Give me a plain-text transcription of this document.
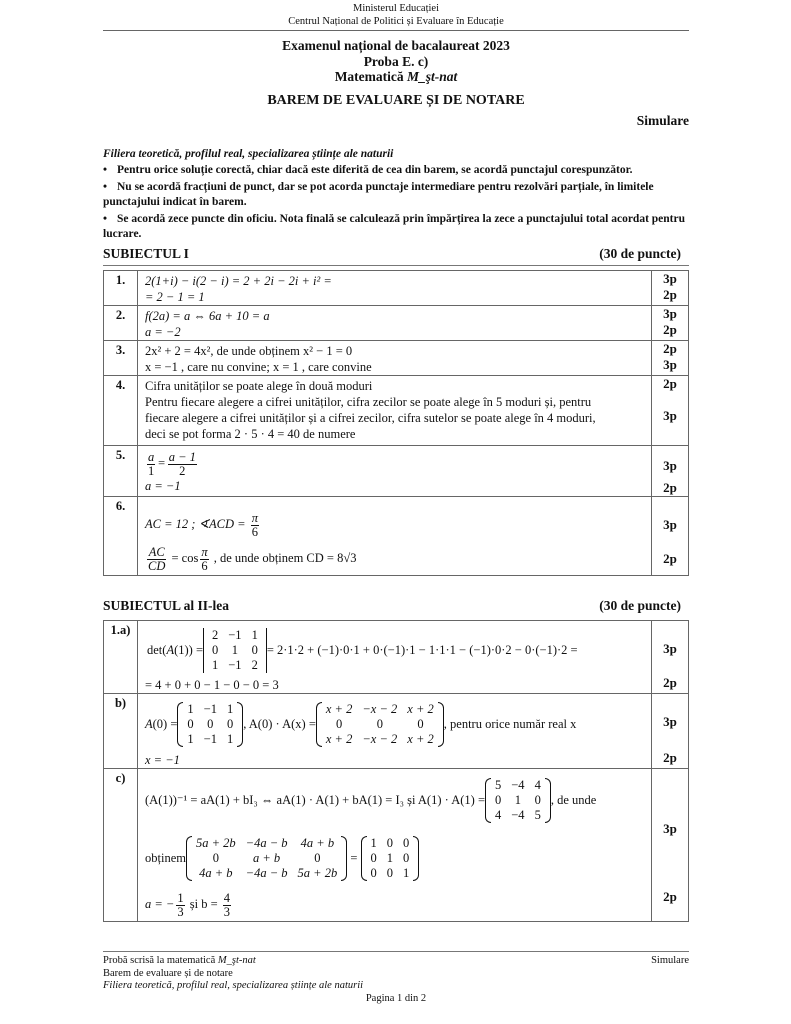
Ministerul Educației
Centrul Național de Politici și Evaluare în Educație
Examenul național de bacalaureat 2023
Proba E. c)
Matematică M_şt-nat
BAREM DE EVALUARE ȘI DE NOTARE
Simulare
Filiera teoretică, profilul real, specializarea științe ale naturii
• Pentru orice soluție corectă, chiar dacă este diferită de cea din barem, se acordă punctajul corespunzător.
• Nu se acordă fracțiuni de punct, dar se pot acorda punctaje intermediare pentru rezolvări parțiale, în limitele punctajului indicat în barem.
• Se acordă zece puncte din oficiu. Nota finală se calculează prin împărțirea la zece a punctajului total acordat pentru lucrare.
SUBIECTUL I	(30 de puncte)
1.	2(1+i) − i(2 − i) = 2 + 2i − 2i + i² =
= 2 − 1 = 1

3p
2p

2.	f(2a) = a ⇔ 6a + 10 = a
a = −2

3p
2p

3.	2x² + 2 = 4x², de unde obținem x² − 1 = 0
x = −1 , care nu convine; x = 1 , care convine

2p
3p

4.	Cifra unităților se poate alege în două moduri
Pentru fiecare alegere a cifrei unităților, cifra zecilor se poate alege în 5 moduri și, pentru
fiecare alegere a cifrei unităților și a cifrei zecilor, cifra sutelor se poate alege în 4 moduri,
deci se pot forma 2 · 5 · 4 = 40 de numere

2p
3p

5.	$\frac{a}{1} = \frac{a - 1}{2}$
a = −1

3p
2p

6.	
AC = 12 ; ∢ACD = $\frac{\pi}{6}$
$\frac{AC}{CD} = \cos \frac{\pi}{6}$ , de unde obținem CD = 8√3

3p
2p
SUBIECTUL al II-lea	(30 de puncte)
1.a)	
det(A(1)) =
2	−1	1
0	1	0
1	−1	2
= 2·1·2 + (−1)·0·1 + 0·(−1)·1 − 1·1·1 − (−1)·0·2 − 0·(−1)·2 =
= 4 + 0 + 0 − 1 − 0 − 0 = 3

3p
2p

b)	
A(0) =
1	−1	1
0	0	0
1	−1	1
, A(0) · A(x) =
x + 2	−x − 2	x + 2
0	0	0
x + 2	−x − 2	x + 2
, pentru orice număr real x
x = −1

3p
2p

c)	
(A(1))⁻¹ = aA(1) + bI₃ ⇔ aA(1) · A(1) + bA(1) = I₃ și A(1) · A(1) =
5	−4	4
0	1	0
4	−4	5
, de unde
obținem
5a + 2b	−4a − b	4a + b
0	a + b	0
4a + b	−4a − b	5a + 2b
=
1	0	0
0	1	0
0	0	1
a = − $\frac{1}{3}$ și $b = \frac{4}{3}$

3p
2p
Probă scrisă la matematică M_şt-nat	Simulare
Barem de evaluare și de notare
Filiera teoretică, profilul real, specializarea științe ale naturii
Pagina 1 din 2
